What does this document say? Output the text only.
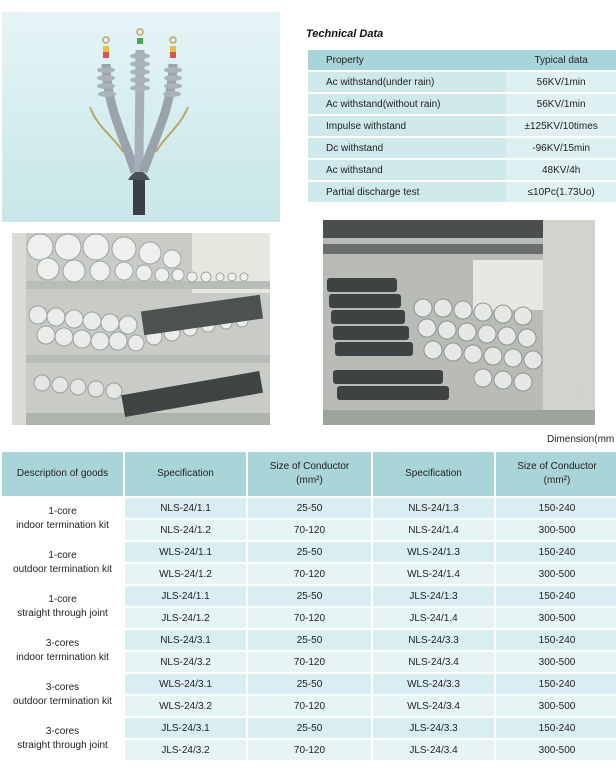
Technical Data
Property	Typical data
Ac withstand(under rain)	56KV/1min
Ac withstand(without rain)	56KV/1min
Impulse withstand	±125KV/10times
Dc withstand	-96KV/15min
Ac withstand	48KV/4h
Partial discharge test	≤10Pc(1.73Uo)
Dimension(mm
Description of goods	Specification	Size of Conductor
(mm²)	Specification	Size of Conductor
(mm²)
1-core
indoor termination kit	NLS-24/1.1	25-50	NLS-24/1.3	150-240
	NLS-24/1.2	70-120	NLS-24/1.4	300-500
1-core
outdoor termination kit	WLS-24/1.1	25-50	WLS-24/1.3	150-240
	WLS-24/1.2	70-120	WLS-24/1.4	300-500
1-core
straight through joint	JLS-24/1.1	25-50	JLS-24/1.3	150-240
	JLS-24/1.2	70-120	JLS-24/1.4	300-500
3-cores
indoor termination kit	NLS-24/3.1	25-50	NLS-24/3.3	150-240
	NLS-24/3.2	70-120	NLS-24/3.4	300-500
3-cores
outdoor termination kit	WLS-24/3.1	25-50	WLS-24/3.3	150-240
	WLS-24/3.2	70-120	WLS-24/3.4	300-500
3-cores
straight through joint	JLS-24/3.1	25-50	JLS-24/3.3	150-240
	JLS-24/3.2	70-120	JLS-24/3.4	300-500
